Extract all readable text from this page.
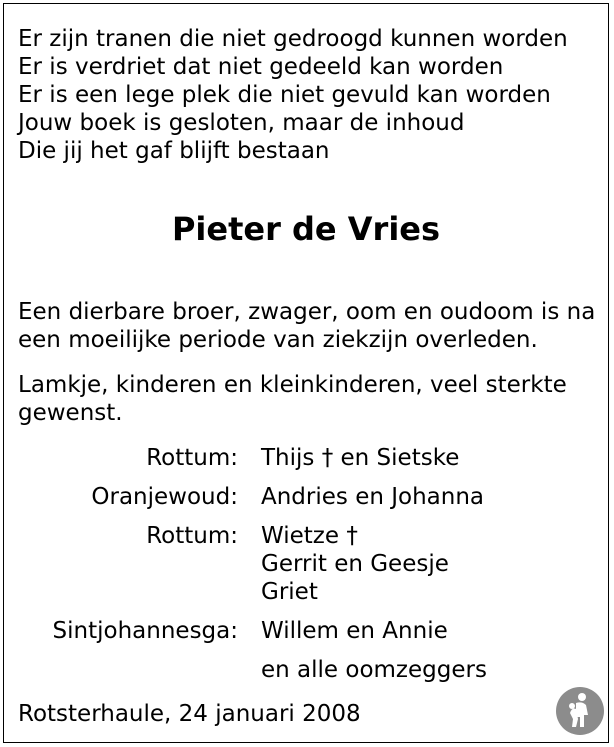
Er zijn tranen die niet gedroogd kunnen worden
Er is verdriet dat niet gedeeld kan worden
Er is een lege plek die niet gevuld kan worden
Jouw boek is gesloten, maar de inhoud
Die jij het gaf blijft bestaan
Pieter de Vries
Een dierbare broer, zwager, oom en oudoom is na een moeilijke periode van ziekzijn overleden.
Lamkje, kinderen en kleinkinderen, veel sterkte gewenst.
Rottum: Thijs † en Sietske
Oranjewoud: Andries en Johanna
Rottum: Wietze †
Gerrit en Geesje
Griet
Sintjohannesga: Willem en Annie
en alle oomzeggers
Rotsterhaule, 24 januari 2008
